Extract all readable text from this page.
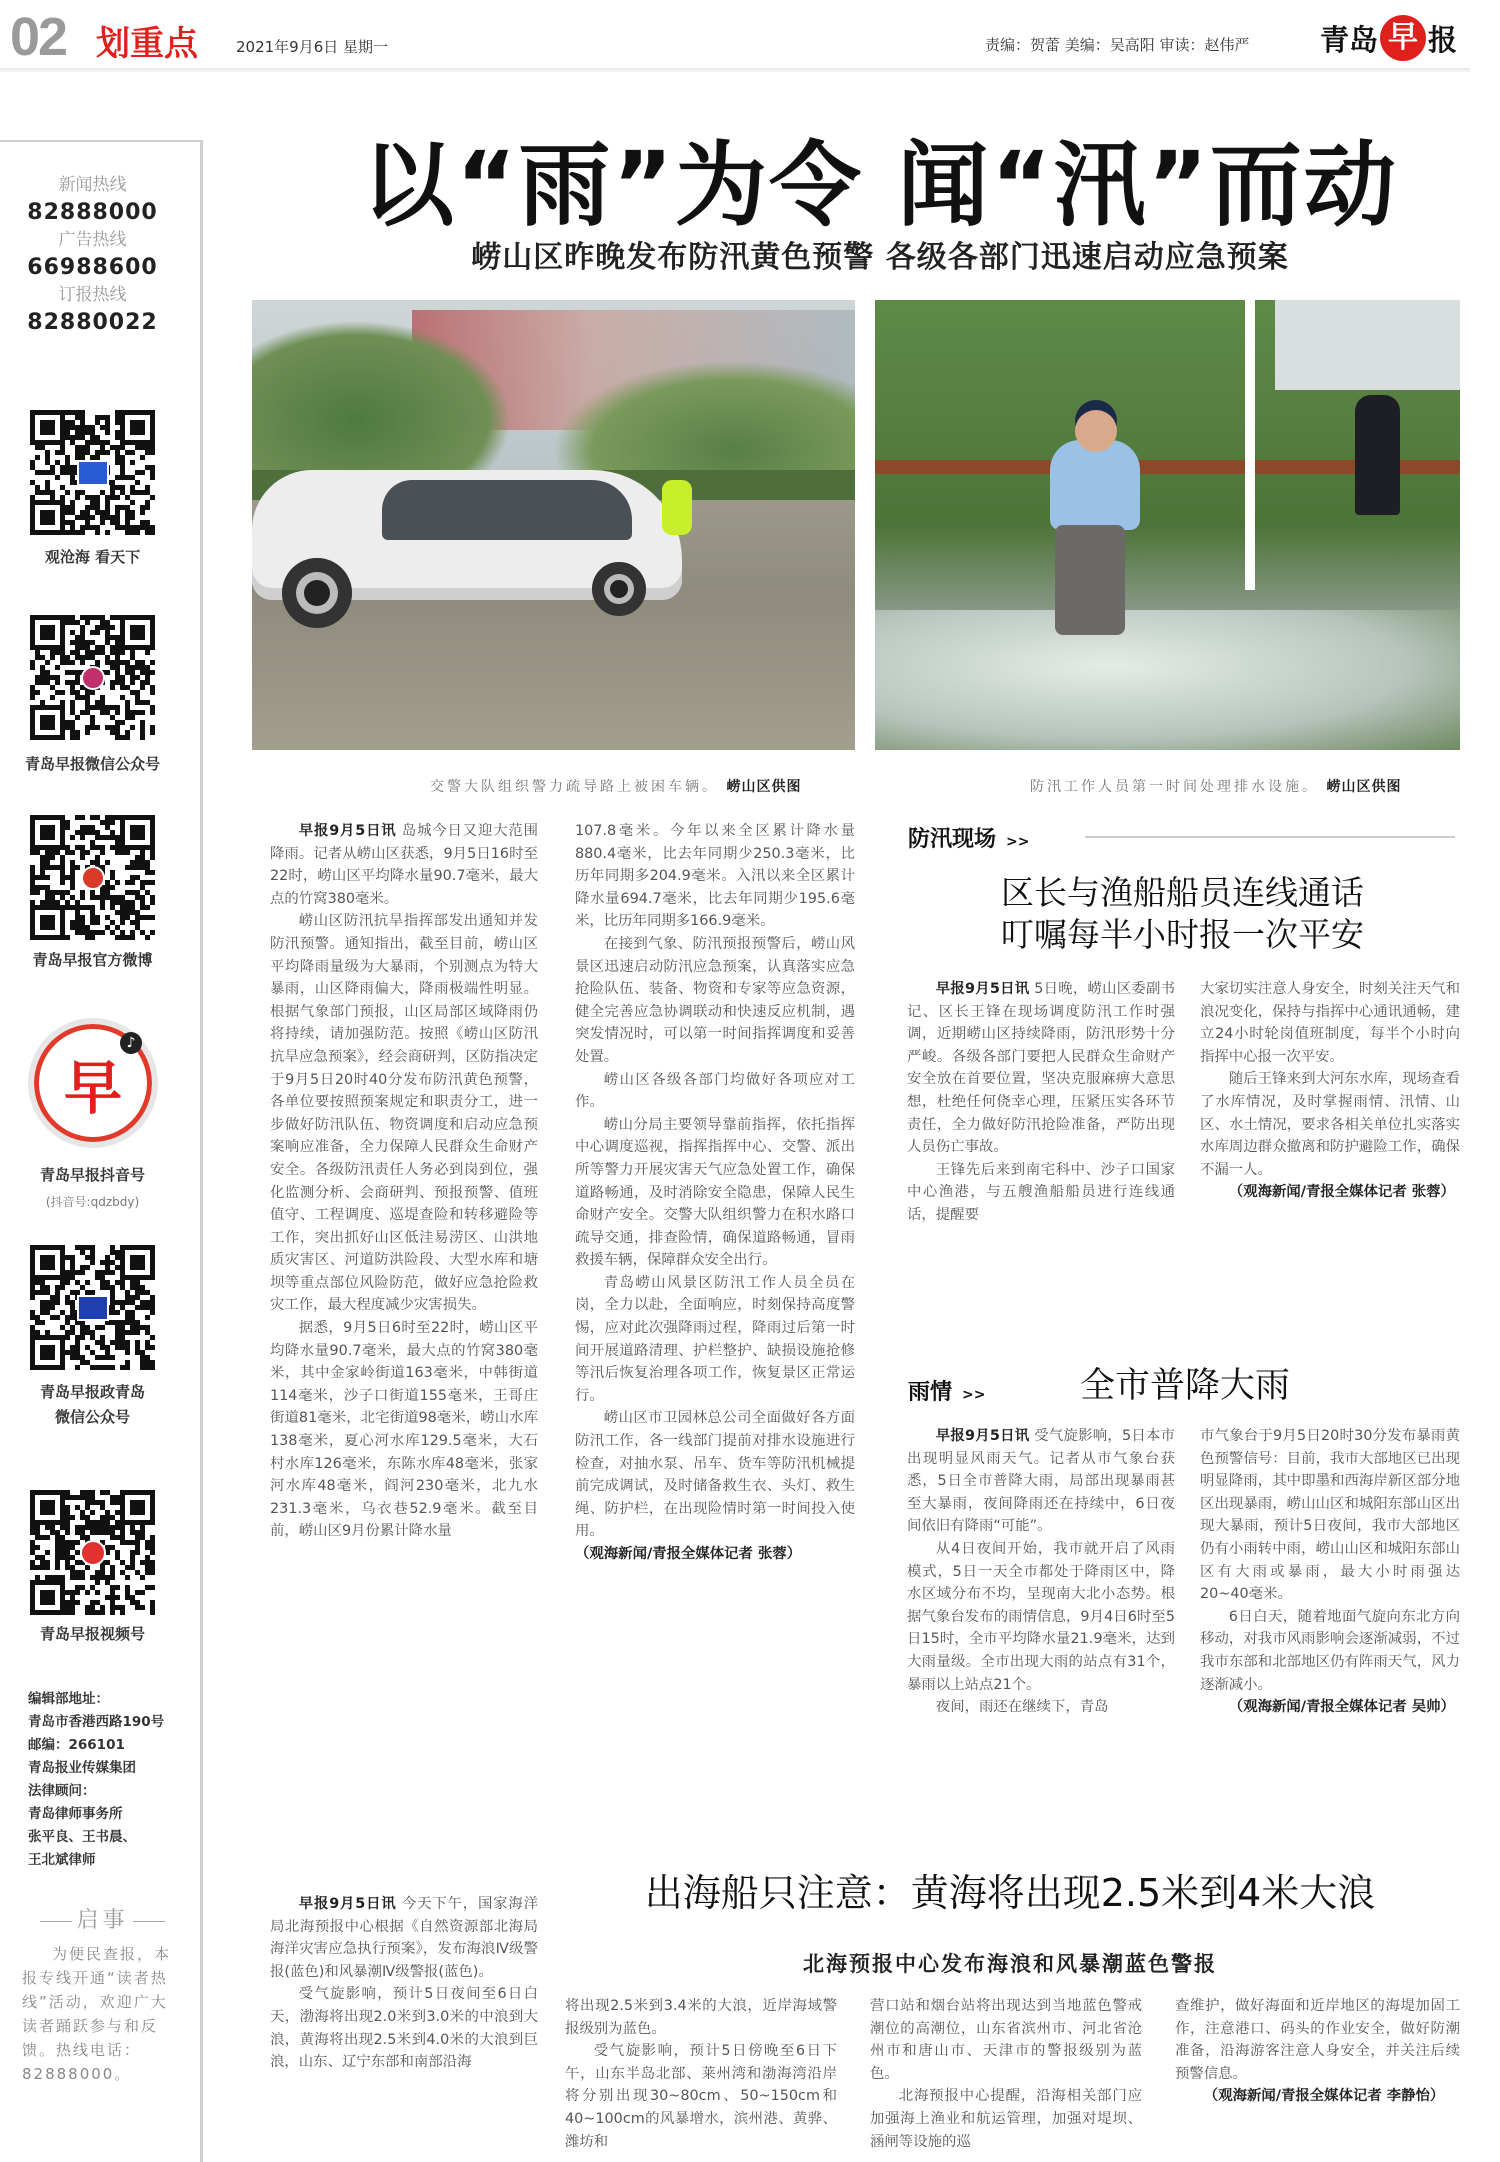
02 划重点	2021年9月6日 星期一	责编：贺蕾 美编：吴高阳 审读：赵伟严 青岛 早 报
新闻热线
82888000
广告热线
66988600
订报热线
82880022
观沧海 看天下
青岛早报微信公众号
青岛早报官方微博
早
♪
青岛早报抖音号
(抖音号:qdzbdy)
青岛早报政青岛
微信公众号
青岛早报视频号
编辑部地址：
青岛市香港西路190号
邮编：266101
青岛报业传媒集团
法律顾问：
青岛律师事务所
张平良、王书晨、
王北斌律师
启事
为便民查报，本报专线开通“读者热线”活动，欢迎广大读者踊跃参与和反馈。热线电话：82888000。
以“雨”为令 闻“汛”而动
崂山区昨晚发布防汛黄色预警 各级各部门迅速启动应急预案
交警大队组织警力疏导路上被困车辆。 崂山区供图	防汛工作人员第一时间处理排水设施。 崂山区供图

早报9月5日讯 岛城今日又迎大范围降雨。记者从崂山区获悉，9月5日16时至22时，崂山区平均降水量90.7毫米，最大点的竹窝380毫米。

崂山区防汛抗旱指挥部发出通知并发防汛预警。通知指出，截至目前，崂山区平均降雨量级为大暴雨，个别测点为特大暴雨，山区降雨偏大，降雨极端性明显。根据气象部门预报，山区局部区域降雨仍将持续，请加强防范。按照《崂山区防汛抗旱应急预案》，经会商研判，区防指决定于9月5日20时40分发布防汛黄色预警，各单位要按照预案规定和职责分工，进一步做好防汛队伍、物资调度和启动应急预案响应准备，全力保障人民群众生命财产安全。各级防汛责任人务必到岗到位，强化监测分析、会商研判、预报预警、值班值守、工程调度、巡堤查险和转移避险等工作，突出抓好山区低洼易涝区、山洪地质灾害区、河道防洪险段、大型水库和塘坝等重点部位风险防范，做好应急抢险救灾工作，最大程度减少灾害损失。

据悉，9月5日6时至22时，崂山区平均降水量90.7毫米，最大点的竹窝380毫米，其中金家岭街道163毫米，中韩街道114毫米，沙子口街道155毫米，王哥庄街道81毫米，北宅街道98毫米，崂山水库138毫米，夏心河水库129.5毫米，大石村水库126毫米，东陈水库48毫米，张家河水库48毫米，阎河230毫米，北九水231.3毫米，乌衣巷52.9毫米。截至目前，崂山区9月份累计降水量

107.8毫米。今年以来全区累计降水量880.4毫米，比去年同期少250.3毫米，比历年同期多204.9毫米。入汛以来全区累计降水量694.7毫米，比去年同期少195.6毫米，比历年同期多166.9毫米。

在接到气象、防汛预报预警后，崂山风景区迅速启动防汛应急预案，认真落实应急抢险队伍、装备、物资和专家等应急资源，健全完善应急协调联动和快速反应机制，遇突发情况时，可以第一时间指挥调度和妥善处置。

崂山区各级各部门均做好各项应对工作。

崂山分局主要领导靠前指挥，依托指挥中心调度巡视，指挥指挥中心、交警、派出所等警力开展灾害天气应急处置工作，确保道路畅通，及时消除安全隐患，保障人民生命财产安全。交警大队组织警力在积水路口疏导交通，排查险情，确保道路畅通，冒雨救援车辆，保障群众安全出行。

青岛崂山风景区防汛工作人员全员在岗，全力以赴，全面响应，时刻保持高度警惕，应对此次强降雨过程，降雨过后第一时间开展道路清理、护栏整护、缺损设施抢修等汛后恢复治理各项工作，恢复景区正常运行。

崂山区市卫园林总公司全面做好各方面防汛工作，各一线部门提前对排水设施进行检查，对抽水泵、吊车、货车等防汛机械提前完成调试，及时储备救生衣、头灯、救生绳、防护栏，在出现险情时第一时间投入使用。

（观海新闻/青报全媒体记者 张蓉）

防汛现场 >>
区长与渔船船员连线通话
叮嘱每半小时报一次平安

早报9月5日讯 5日晚，崂山区委副书记、区长王锋在现场调度防汛工作时强调，近期崂山区持续降雨，防汛形势十分严峻。各级各部门要把人民群众生命财产安全放在首要位置，坚决克服麻痹大意思想，杜绝任何侥幸心理，压紧压实各环节责任，全力做好防汛抢险准备，严防出现人员伤亡事故。

王锋先后来到南宅科中、沙子口国家中心渔港，与五艘渔船船员进行连线通话，提醒要

大家切实注意人身安全，时刻关注天气和浪况变化，保持与指挥中心通讯通畅，建立24小时轮岗值班制度，每半个小时向指挥中心报一次平安。

随后王锋来到大河东水库，现场查看了水库情况，及时掌握雨情、汛情、山区、水土情况，要求各相关单位扎实落实水库周边群众撤离和防护避险工作，确保不漏一人。

（观海新闻/青报全媒体记者 张蓉）

雨情 >>	全市普降大雨

早报9月5日讯 受气旋影响，5日本市出现明显风雨天气。记者从市气象台获悉，5日全市普降大雨，局部出现暴雨甚至大暴雨，夜间降雨还在持续中，6日夜间依旧有降雨“可能”。

从4日夜间开始，我市就开启了风雨模式，5日一天全市都处于降雨区中，降水区域分布不均，呈现南大北小态势。根据气象台发布的雨情信息，9月4日6时至5日15时，全市平均降水量21.9毫米，达到大雨量级。全市出现大雨的站点有31个，暴雨以上站点21个。

夜间，雨还在继续下，青岛

市气象台于9月5日20时30分发布暴雨黄色预警信号：目前，我市大部地区已出现明显降雨，其中即墨和西海岸新区部分地区出现暴雨，崂山山区和城阳东部山区出现大暴雨，预计5日夜间，我市大部地区仍有小雨转中雨，崂山山区和城阳东部山区有大雨或暴雨，最大小时雨强达20~40毫米。

6日白天，随着地面气旋向东北方向移动，对我市风雨影响会逐渐减弱，不过我市东部和北部地区仍有阵雨天气，风力逐渐减小。

（观海新闻/青报全媒体记者 吴帅）

早报9月5日讯 今天下午，国家海洋局北海预报中心根据《自然资源部北海局海洋灾害应急执行预案》，发布海浪Ⅳ级警报(蓝色)和风暴潮Ⅳ级警报(蓝色)。

受气旋影响，预计5日夜间至6日白天，渤海将出现2.0米到3.0米的中浪到大浪，黄海将出现2.5米到4.0米的大浪到巨浪，山东、辽宁东部和南部沿海

出海船只注意：黄海将出现2.5米到4米大浪
北海预报中心发布海浪和风暴潮蓝色警报

将出现2.5米到3.4米的大浪，近岸海域警报级别为蓝色。

受气旋影响，预计5日傍晚至6日下午，山东半岛北部、莱州湾和渤海湾沿岸将分别出现30~80cm、50~150cm和40~100cm的风暴增水，滨州港、黄骅、潍坊和

营口站和烟台站将出现达到当地蓝色警戒潮位的高潮位，山东省滨州市、河北省沧州市和唐山市、天津市的警报级别为蓝色。

北海预报中心提醒，沿海相关部门应加强海上渔业和航运管理，加强对堤坝、涵闸等设施的巡

查维护，做好海面和近岸地区的海堤加固工作，注意港口、码头的作业安全，做好防潮准备，沿海游客注意人身安全，并关注后续预警信息。

（观海新闻/青报全媒体记者 李静怡）
